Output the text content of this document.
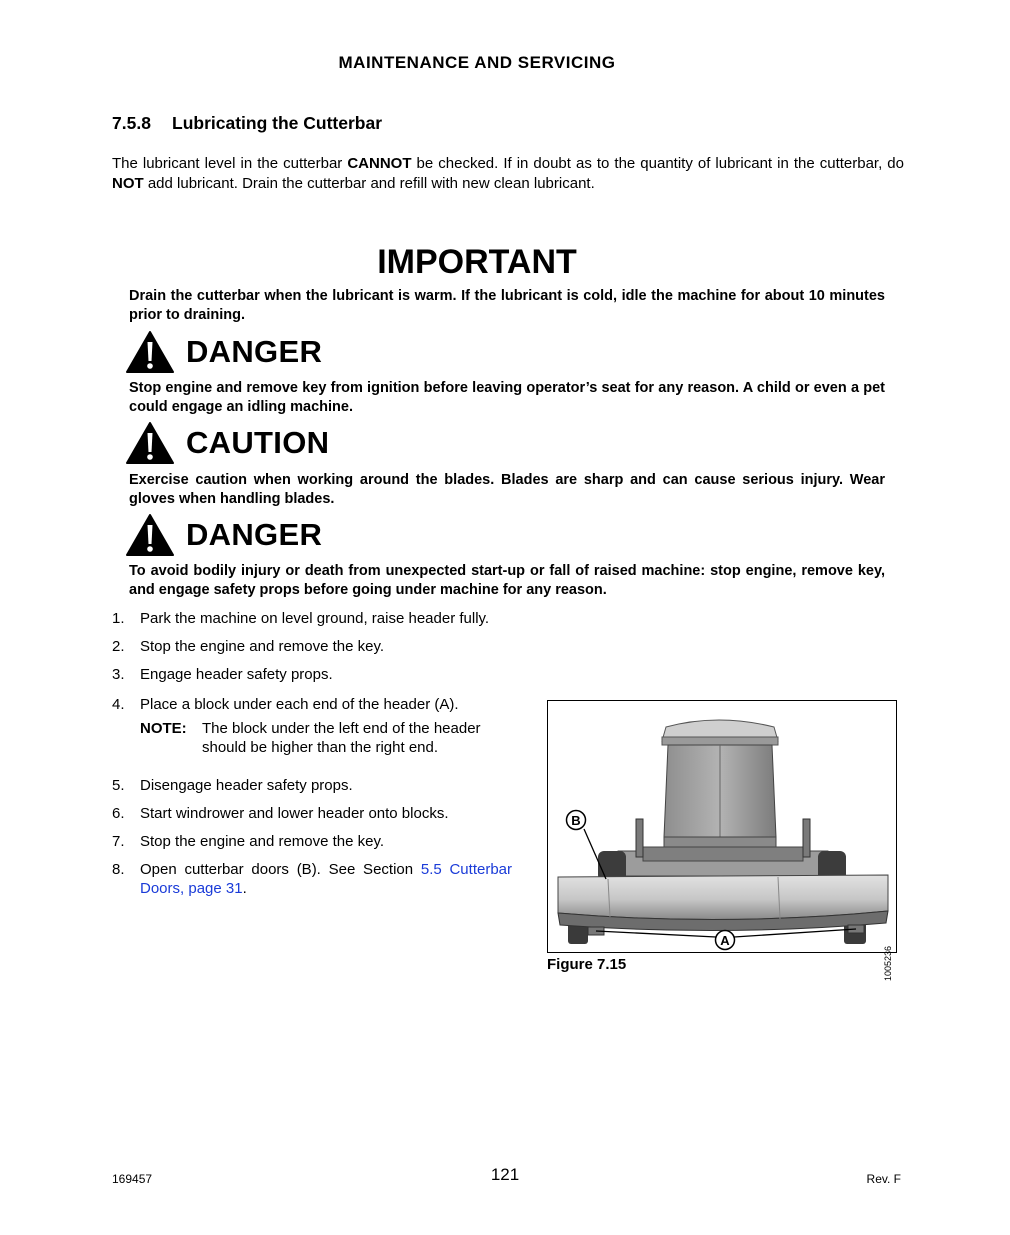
MAINTENANCE AND SERVICING
7.5.8 Lubricating the Cutterbar
The lubricant level in the cutterbar CANNOT be checked. If in doubt as to the quantity of lubricant in the cutterbar, do NOT add lubricant. Drain the cutterbar and refill with new clean lubricant.
IMPORTANT
Drain the cutterbar when the lubricant is warm. If the lubricant is cold, idle the machine for about 10 minutes prior to draining.
DANGER
Stop engine and remove key from ignition before leaving operator’s seat for any reason. A child or even a pet could engage an idling machine.
CAUTION
Exercise caution when working around the blades. Blades are sharp and can cause serious injury. Wear gloves when handling blades.
DANGER
To avoid bodily injury or death from unexpected start-up or fall of raised machine: stop engine, remove key, and engage safety props before going under machine for any reason.
1.	Park the machine on level ground, raise header fully.
2.	Stop the engine and remove the key.
3.	Engage header safety props.
4.	Place a block under each end of the header (A).
NOTE:	The block under the left end of the header should be higher than the right end.
5.	Disengage header safety props.
6.	Start windrower and lower header onto blocks.
7.	Stop the engine and remove the key.
8.	Open cutterbar doors (B). See Section 5.5 Cutterbar Doors, page 31.
B
A
1005236
Figure 7.15
169457	121	Rev. F
